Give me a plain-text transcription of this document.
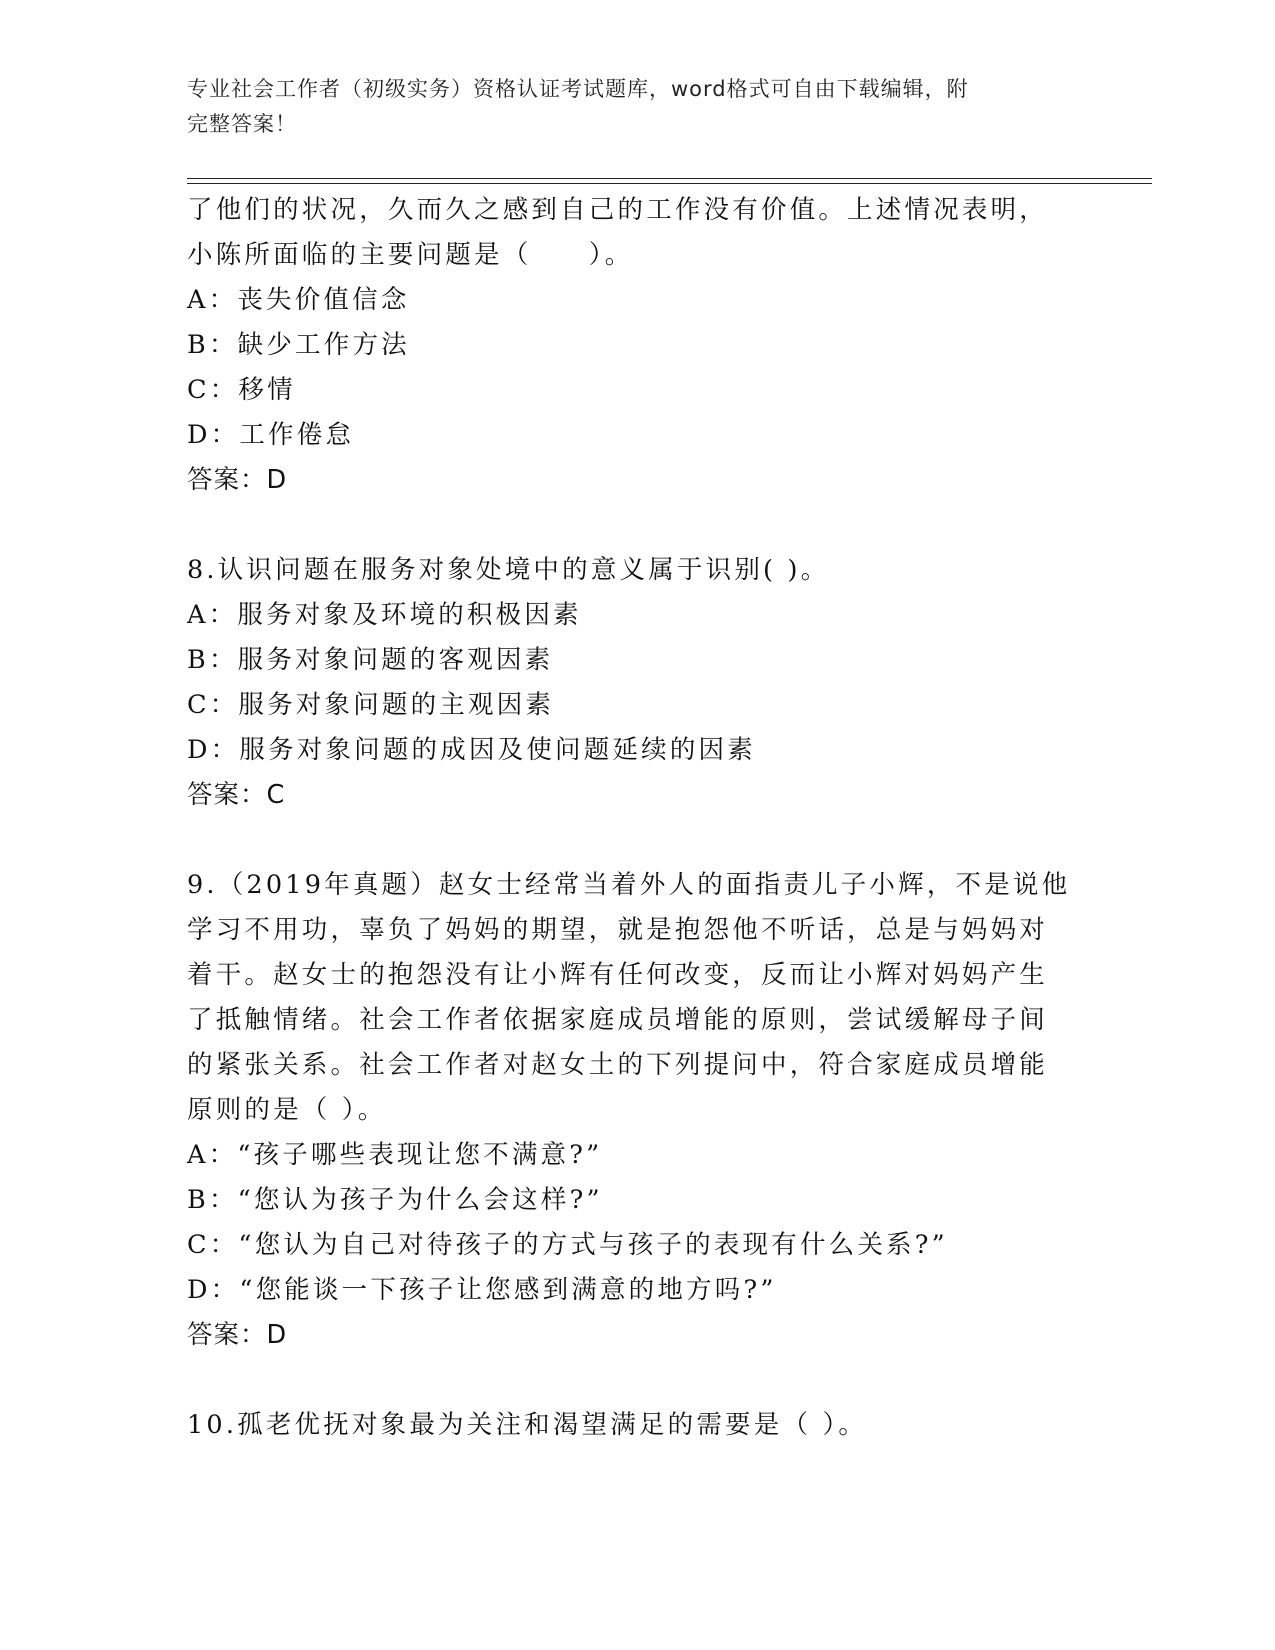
专业社会工作者（初级实务）资格认证考试题库，word格式可自由下载编辑，附
完整答案！
了他们的状况，久而久之感到自己的工作没有价值。上述情况表明，
小陈所面临的主要问题是（　　）。
A：丧失价值信念
B：缺少工作方法
C：移情
D：工作倦怠
答案：D
8.认识问题在服务对象处境中的意义属于识别( )。
A：服务对象及环境的积极因素
B：服务对象问题的客观因素
C：服务对象问题的主观因素
D：服务对象问题的成因及使问题延续的因素
答案：C
9.（2019年真题）赵女士经常当着外人的面指责儿子小辉，不是说他
学习不用功，辜负了妈妈的期望，就是抱怨他不听话，总是与妈妈对
着干。赵女士的抱怨没有让小辉有任何改变，反而让小辉对妈妈产生
了抵触情绪。社会工作者依据家庭成员增能的原则，尝试缓解母子间
的紧张关系。社会工作者对赵女土的下列提问中，符合家庭成员增能
原则的是（ ）。
A：“孩子哪些表现让您不满意?”
B：“您认为孩子为什么会这样?”
C：“您认为自己对待孩子的方式与孩子的表现有什么关系?”
D：“您能谈一下孩子让您感到满意的地方吗?”
答案：D
10.孤老优抚对象最为关注和渴望满足的需要是（ ）。
